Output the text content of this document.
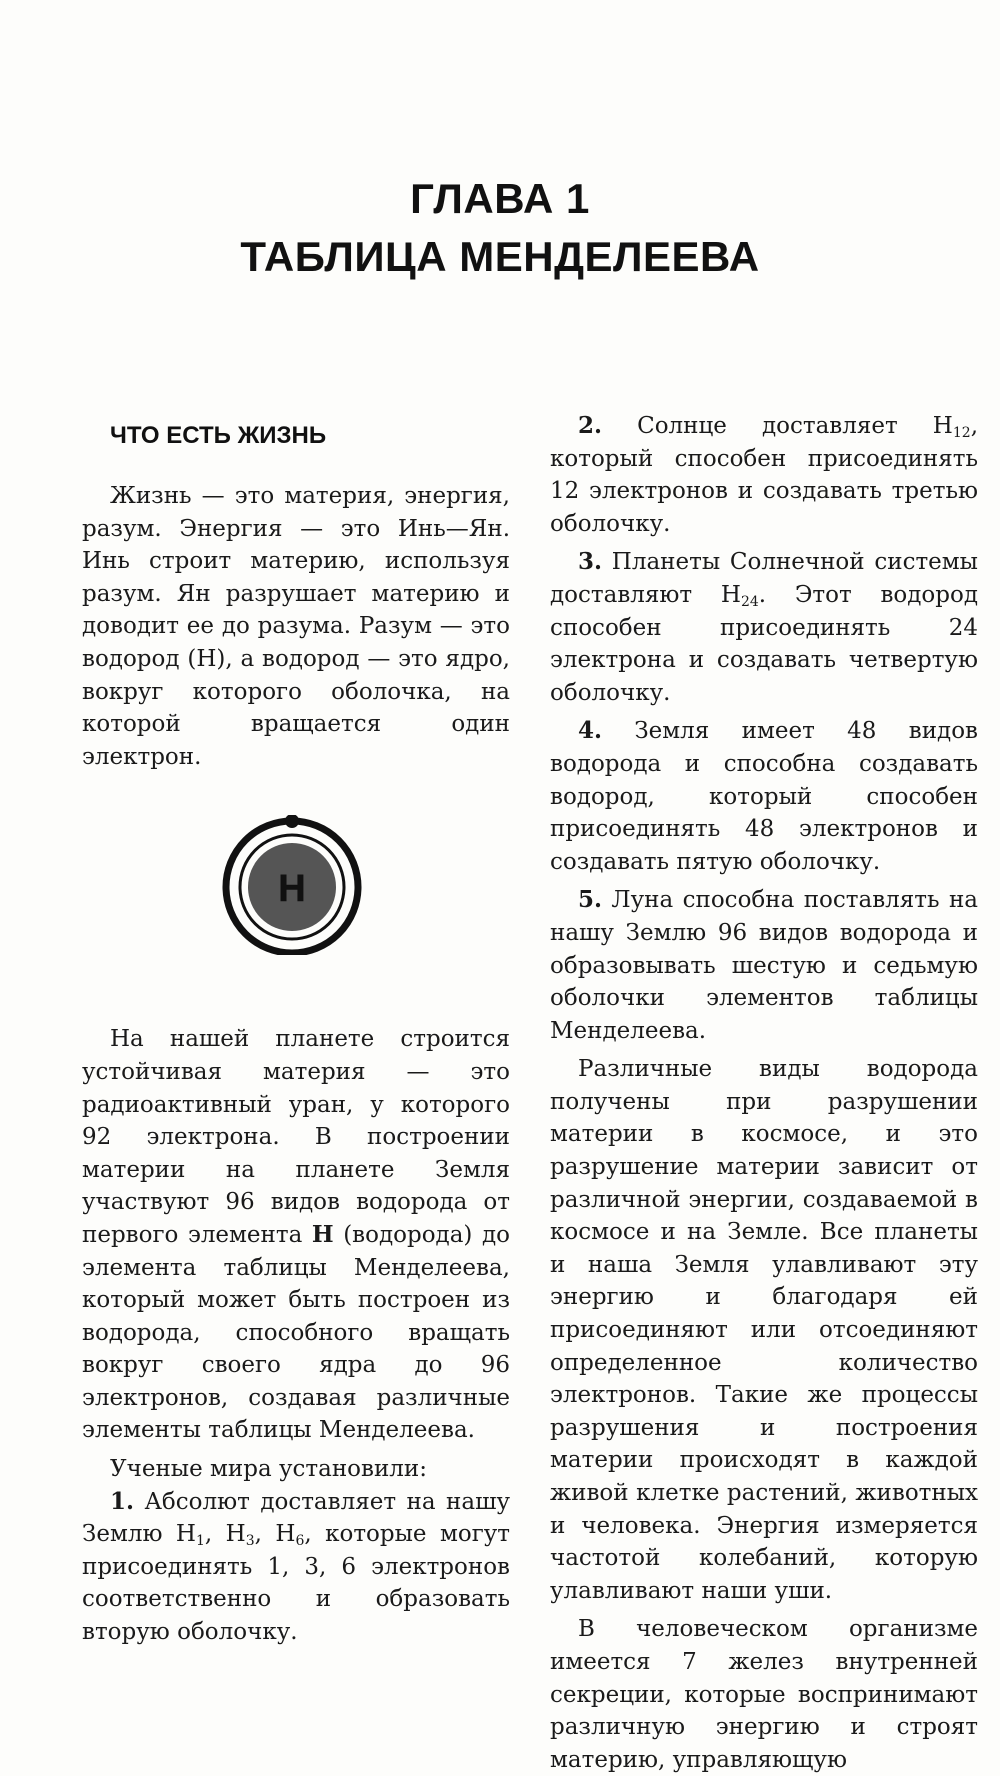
ГЛАВА 1
ТАБЛИЦА МЕНДЕЛЕЕВА
ЧТО ЕСТЬ ЖИЗНЬ

Жизнь — это материя, энергия, разум. Энергия — это Инь—Ян. Инь строит материю, используя разум. Ян разрушает материю и доводит ее до разума. Разум — это водород (Н), а водород — это ядро, вокруг которого оболочка, на которой вращается один электрон.

H

На нашей планете строится устойчивая материя — это радиоактивный уран, у которого 92 электрона. В построении материи на планете Земля участвуют 96 видов водорода от первого элемента Н (водорода) до элемента таблицы Менделеева, который может быть построен из водорода, способного вращать вокруг своего ядра до 96 электронов, создавая различные элементы таблицы Менделеева.

Ученые мира установили:

1. Абсолют доставляет на нашу Землю $Н_1$, $Н_3$, $Н_6$, которые могут присоединять 1, 3, 6 электронов соответственно и образовать вторую оболочку.

2. Солнце доставляет $Н_{12}$, который способен присоединять 12 электронов и создавать третью оболочку.

3. Планеты Солнечной системы доставляют $Н_{24}$. Этот водород способен присоединять 24 электрона и создавать четвертую оболочку.

4. Земля имеет 48 видов водорода и способна создавать водород, который способен присоединять 48 электронов и создавать пятую оболочку.

5. Луна способна поставлять на нашу Землю 96 видов водорода и образовывать шестую и седьмую оболочки элементов таблицы Менделеева.

Различные виды водорода получены при разрушении материи в космосе, и это разрушение материи зависит от различной энергии, создаваемой в космосе и на Земле. Все планеты и наша Земля улавливают эту энергию и благодаря ей присоединяют или отсоединяют определенное количество электронов. Такие же процессы разрушения и построения материи происходят в каждой живой клетке растений, животных и человека. Энергия измеряется частотой колебаний, которую улавливают наши уши.

В человеческом организме имеется 7 желез внутренней секреции, которые воспринимают различную энергию и строят материю, управляющую
